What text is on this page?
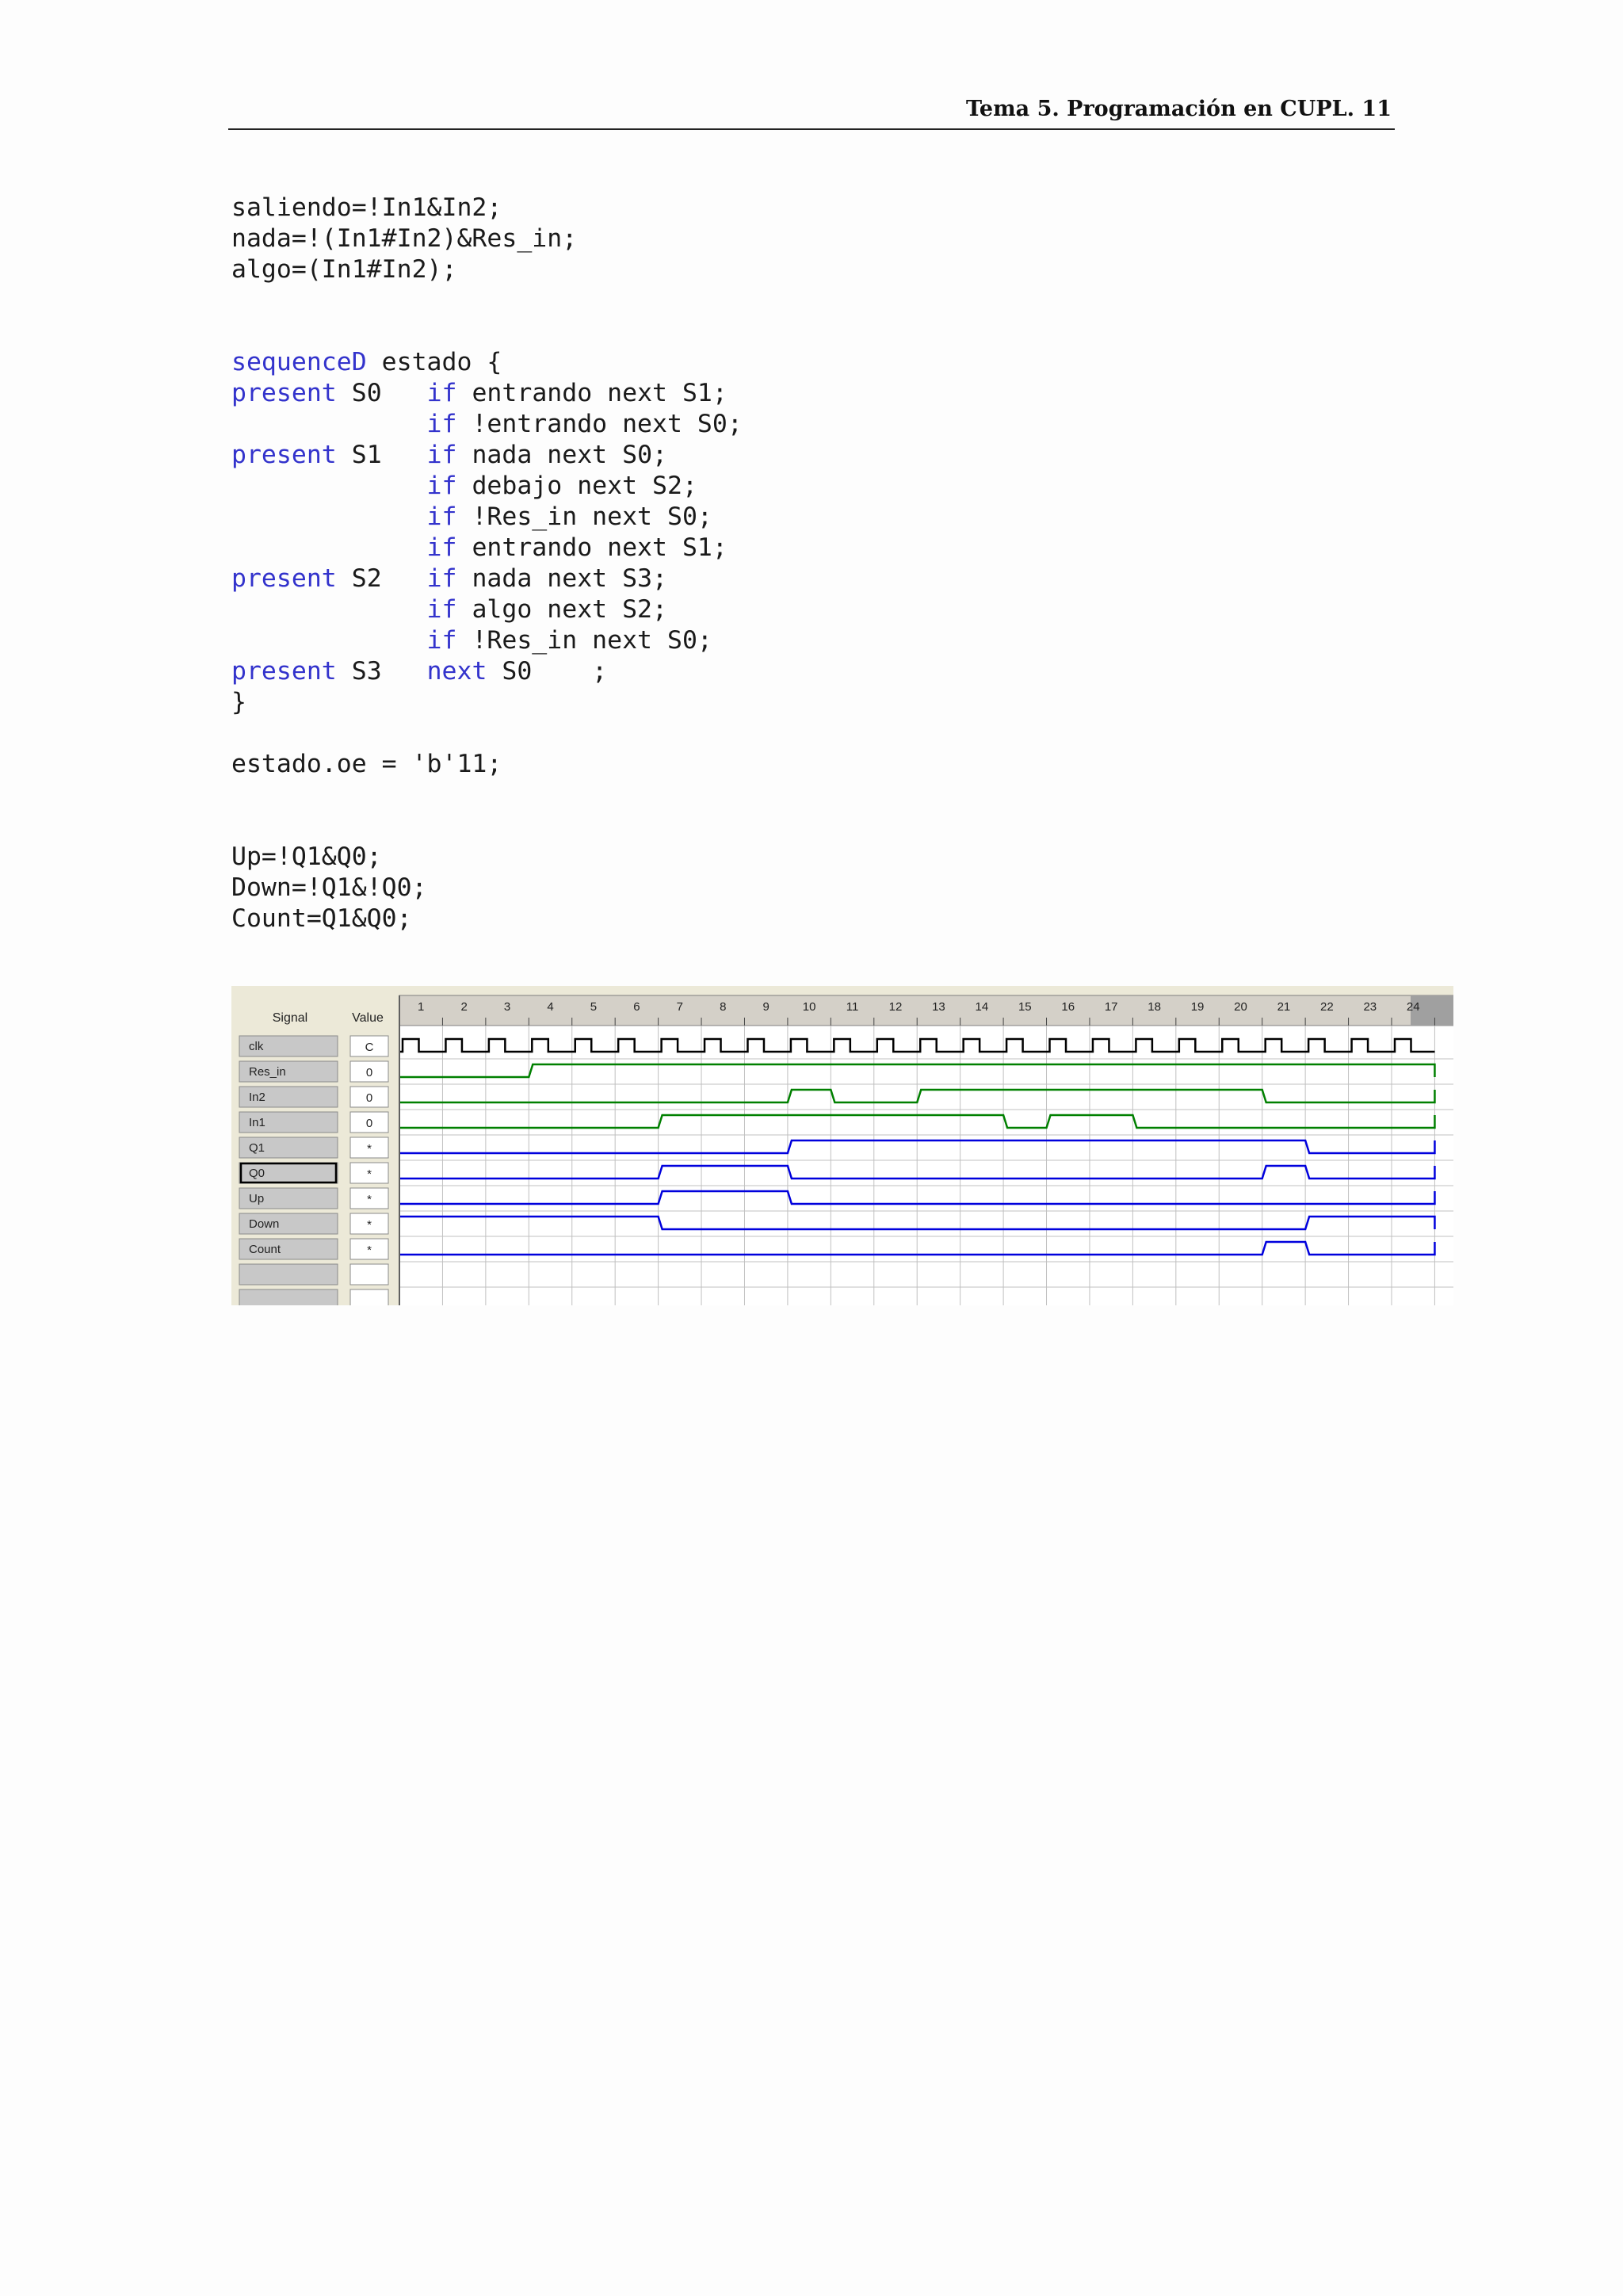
Tema 5. Programación en CUPL. 11
saliendo=!In1&In2;
nada=!(In1#In2)&Res_in;
algo=(In1#In2);
sequenceD estado {
present S0   if entrando next S1;
if !entrando next S0;
present S1   if nada next S0;
if debajo next S2;
if !Res_in next S0;
if entrando next S1;
present S2   if nada next S3;
if algo next S2;
if !Res_in next S0;
present S3   next S0    ;
}
estado.oe = 'b'11;
Up=!Q1&Q0;
Down=!Q1&!Q0;
Count=Q1&Q0;
Signal	Value
1	2	3	4	5	6	7	8	9	10	11	12	13	14	15	16	17	18	19	20	21	22	23	24
clk	C
Res_in	0
In2	0
In1	0
Q1	*
Q0	*
Up	*
Down	*
Count	*
